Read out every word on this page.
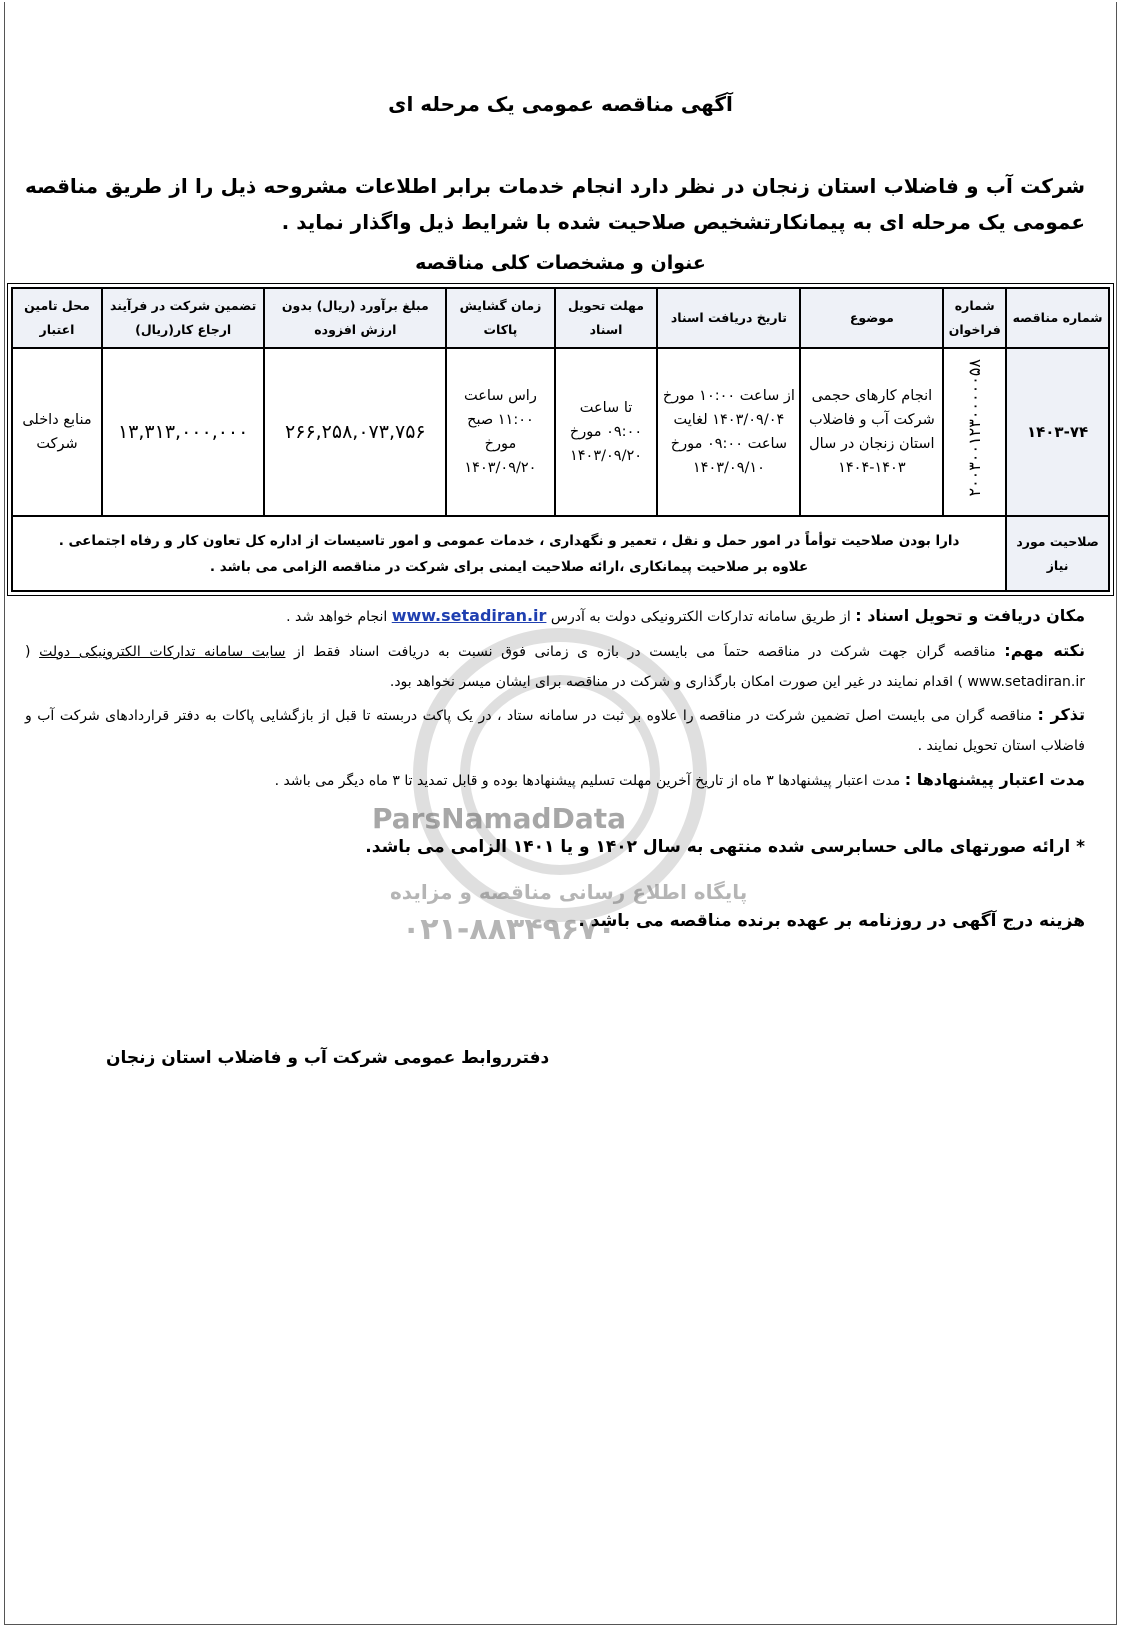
آگهی مناقصه عمومی یک مرحله ای
شرکت آب و فاضلاب استان زنجان در نظر دارد انجام خدمات برابر اطلاعات مشروحه ذیل را از طریق مناقصه عمومی یک مرحله ای به پیمانکارتشخیص صلاحیت شده با شرایط ذیل واگذار نماید .
عنوان و مشخصات کلی مناقصه
شماره مناقصه	شماره فراخوان	موضوع	تاریخ دریافت اسناد	مهلت تحویل اسناد	زمان گشایش پاکات	مبلغ برآورد (ریال) بدون ارزش افزوده	تضمین شرکت در فرآیند ارجاع کار(ریال)	محل تامین اعتبار
۱۴۰۳-۷۴	۲۰۰۳۰۰۱۲۳۰۰۰۰۰۵۸	انجام کارهای حجمی شرکت آب و فاضلاب استان زنجان در سال ۱۴۰۳-۱۴۰۴	از ساعت ۱۰:۰۰ مورخ ۱۴۰۳/۰۹/۰۴ لغایت ساعت ۰۹:۰۰ مورخ ۱۴۰۳/۰۹/۱۰	تا ساعت ۰۹:۰۰ مورخ ۱۴۰۳/۰۹/۲۰	راس ساعت ۱۱:۰۰ صبح مورخ ۱۴۰۳/۰۹/۲۰	۲۶۶,۲۵۸,۰۷۳,۷۵۶	۱۳,۳۱۳,۰۰۰,۰۰۰	منابع داخلی شرکت
صلاحیت مورد نیاز	دارا بودن صلاحیت توأماً در امور حمل و نقل ، تعمیر و نگهداری ، خدمات عمومی و امور تاسیسات از اداره کل تعاون کار و رفاه اجتماعی .
علاوه بر صلاحیت پیمانکاری ،ارائه صلاحیت ایمنی برای شرکت در مناقصه الزامی می باشد .							
ParsNamadData
پایگاه اطلاع رسانی مناقصه و مزایده
۰۲۱-۸۸۳۴۹۶۷۰
مکان دریافت و تحویل اسناد : از طریق سامانه تدارکات الکترونیکی دولت به آدرس www.setadiran.ir انجام خواهد شد .
نکته مهم: مناقصه گران جهت شرکت در مناقصه حتماَ می بایست در بازه ی زمانی فوق نسبت به دریافت اسناد فقط از سایت سامانه تدارکات الکترونیکی دولت ( www.setadiran.ir ) اقدام نمایند در غیر این صورت امکان بارگذاری و شرکت در مناقصه برای ایشان میسر نخواهد بود.
تذکر : مناقصه گران می بایست اصل تضمین شرکت در مناقصه را علاوه بر ثبت در سامانه ستاد ، در یک پاکت دربسته تا قبل از بازگشایی پاکات به دفتر قراردادهای شرکت آب و فاضلاب استان تحویل نمایند .
مدت اعتبار پیشنهادها : مدت اعتبار پیشنهادها ۳ ماه از تاریخ آخرین مهلت تسلیم پیشنهادها بوده و قابل تمدید تا ۳ ماه دیگر می باشد .
* ارائه صورتهای مالی حسابرسی شده منتهی به سال ۱۴۰۲ و یا ۱۴۰۱ الزامی می باشد.
هزینه درج آگهی در روزنامه بر عهده برنده مناقصه می باشد .
دفترروابط عمومی شرکت آب و فاضلاب استان زنجان
